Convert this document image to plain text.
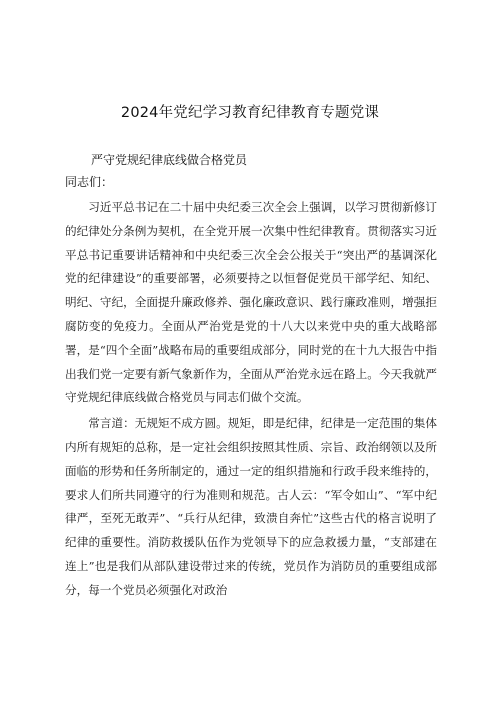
2024年党纪学习教育纪律教育专题党课
严守党规纪律底线做合格党员
同志们：

习近平总书记在二十届中央纪委三次全会上强调，以学习贯彻新修订的纪律处分条例为契机，在全党开展一次集中性纪律教育。贯彻落实习近平总书记重要讲话精神和中央纪委三次全会公报关于“突出严的基调深化党的纪律建设”的重要部署，必须要持之以恒督促党员干部学纪、知纪、明纪、守纪，全面提升廉政修养、强化廉政意识、践行廉政准则，增强拒腐防变的免疫力。全面从严治党是党的十八大以来党中央的重大战略部署，是“四个全面”战略布局的重要组成部分，同时党的在十九大报告中指出我们党一定要有新气象新作为，全面从严治党永远在路上。今天我就严守党规纪律底线做合格党员与同志们做个交流。

常言道：无规矩不成方圆。规矩，即是纪律，纪律是一定范围的集体内所有规矩的总称，是一定社会组织按照其性质、宗旨、政治纲领以及所面临的形势和任务所制定的，通过一定的组织措施和行政手段来维持的，要求人们所共同遵守的行为准则和规范。古人云：“军令如山”、“军中纪律严，至死无敢弄”、“兵行从纪律，致溃自奔忙”这些古代的格言说明了纪律的重要性。消防救援队伍作为党领导下的应急救援力量，“支部建在连上”也是我们从部队建设带过来的传统，党员作为消防员的重要组成部分，每一个党员必须强化对政治
